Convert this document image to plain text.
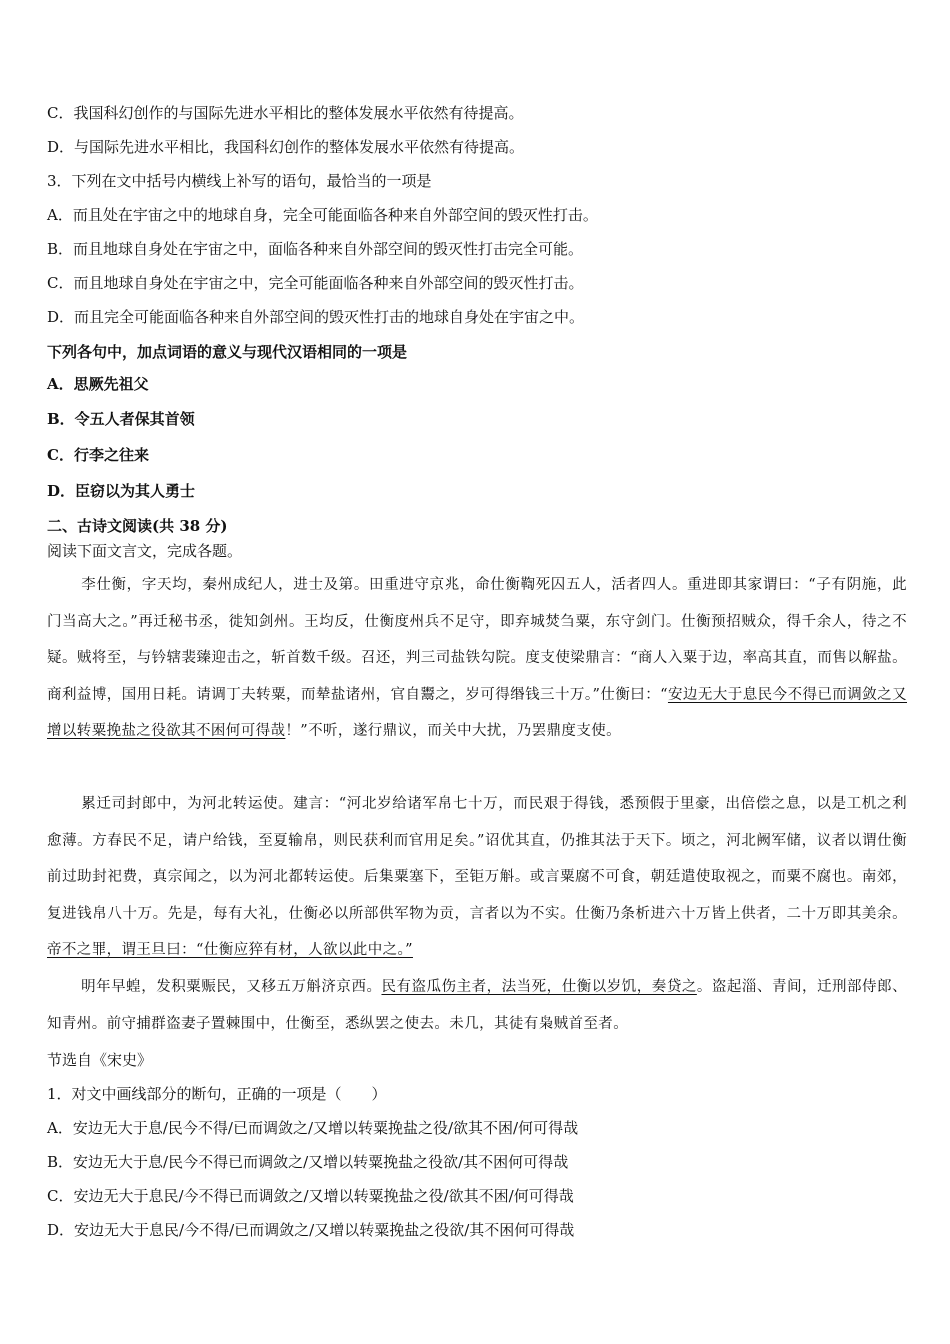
C．我国科幻创作的与国际先进水平相比的整体发展水平依然有待提高。
D．与国际先进水平相比，我国科幻创作的整体发展水平依然有待提高。
3．下列在文中括号内横线上补写的语句，最恰当的一项是
A．而且处在宇宙之中的地球自身，完全可能面临各种来自外部空间的毁灭性打击。
B．而且地球自身处在宇宙之中，面临各种来自外部空间的毁灭性打击完全可能。
C．而且地球自身处在宇宙之中，完全可能面临各种来自外部空间的毁灭性打击。
D．而且完全可能面临各种来自外部空间的毁灭性打击的地球自身处在宇宙之中。
下列各句中，加点词语的意义与现代汉语相同的一项是
A．思厥先祖父
B．令五人者保其首领
C．行李之往来
D．臣窃以为其人勇士
二、古诗文阅读(共 38 分)
阅读下面文言文，完成各题。
李仕衡，字天均，秦州成纪人，进士及第。田重进守京兆，命仕衡鞫死囚五人，活者四人。重进即其家谓曰：“子有阴施，此门当高大之。”再迁秘书丞，徙知剑州。王均反，仕衡度州兵不足守，即弃城焚刍粟，东守剑门。仕衡预招贼众，得千余人，待之不疑。贼将至，与钤辖裴臻迎击之，斩首数千级。召还，判三司盐铁勾院。度支使梁鼎言：“商人入粟于边，率高其直，而售以解盐。商利益博，国用日耗。请调丁夫转粟，而辇盐诸州，官自鬻之，岁可得缗钱三十万。”仕衡曰：“安边无大于息民今不得已而调敛之又增以转粟挽盐之役欲其不困何可得哉！”不听，遂行鼎议，而关中大扰，乃罢鼎度支使。
累迁司封郎中，为河北转运使。建言：“河北岁给诸军帛七十万，而民艰于得钱，悉预假于里豪，出倍偿之息，以是工机之利愈薄。方春民不足，请户给钱，至夏输帛，则民获利而官用足矣。”诏优其直，仍推其法于天下。顷之，河北阙军储，议者以谓仕衡前过助封祀费，真宗闻之，以为河北都转运使。后集粟塞下，至钜万斛。或言粟腐不可食，朝廷遣使取视之，而粟不腐也。南郊，复进钱帛八十万。先是，每有大礼，仕衡必以所部供军物为贡，言者以为不实。仕衡乃条析进六十万皆上供者，二十万即其美余。帝不之罪，谓王旦曰：“仕衡应猝有材，人欲以此中之。”
明年早蝗，发积粟赈民，又移五万斛济京西。民有盗瓜伤主者，法当死，仕衡以岁饥，奏贷之。盗起淄、青间，迁刑部侍郎、知青州。前守捕群盗妻子置棘围中，仕衡至，悉纵罢之使去。未几，其徒有枭贼首至者。
节选自《宋史》
1．对文中画线部分的断句，正确的一项是（　　）
A．安边无大于息/民今不得/已而调敛之/又增以转粟挽盐之役/欲其不困/何可得哉
B．安边无大于息/民今不得已而调敛之/又增以转粟挽盐之役欲/其不困何可得哉
C．安边无大于息民/今不得已而调敛之/又增以转粟挽盐之役/欲其不困/何可得哉
D．安边无大于息民/今不得/已而调敛之/又增以转粟挽盐之役欲/其不困何可得哉
